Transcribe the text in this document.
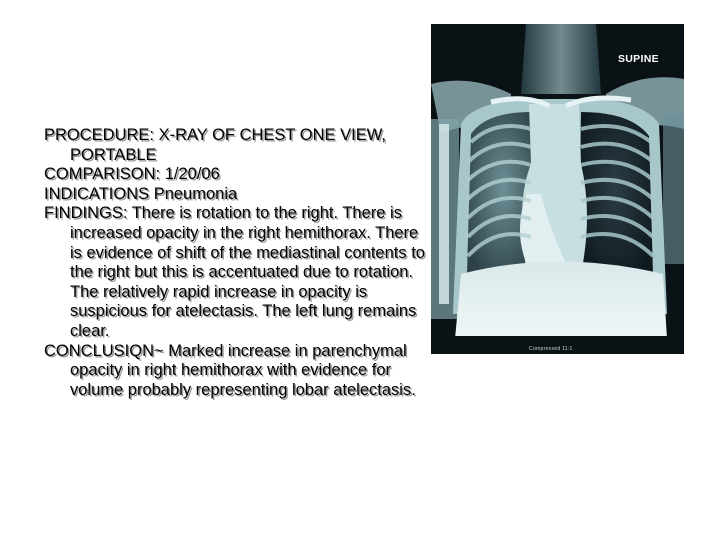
PROCEDURE: X-RAY OF CHEST ONE VIEW, PORTABLE

COMPARISON: 1/20/06

INDICATIONS Pneumonia

FINDINGS: There is rotation to the right. There is increased opacity in the right hemithorax. There is evidence of shift of the mediastinal contents to the right but this is accentuated due to rotation. The relatively rapid increase in opacity is suspicious for atelectasis. The left lung remains clear.

CONCLUSIQN~ Marked increase in parenchymal opacity in right hemithorax with evidence for volume probably representing lobar atelectasis.

SUPINE
Compressed 11:1
